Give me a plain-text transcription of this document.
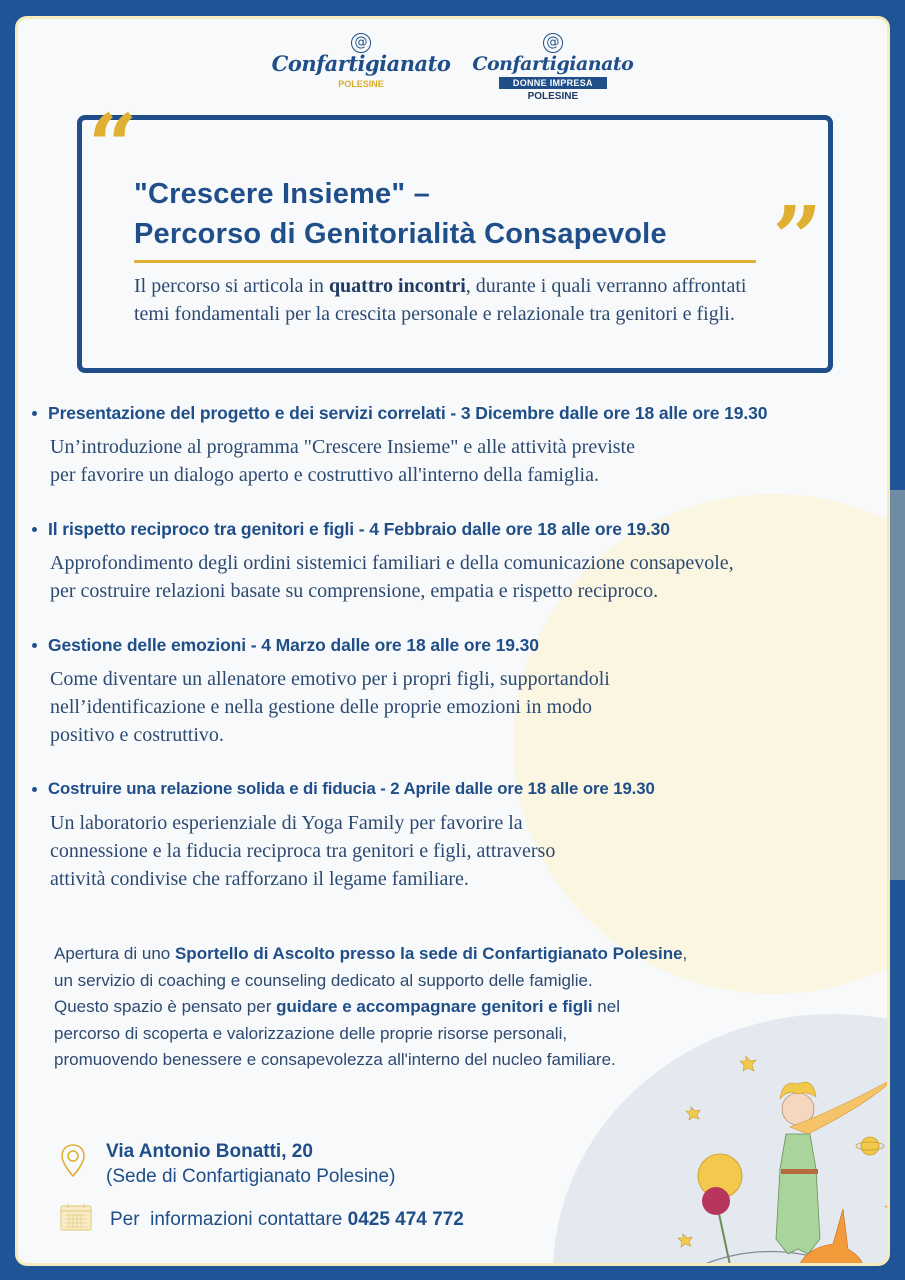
@
Confartigianato
POLESINE
@
Confartigianato
DONNE IMPRESA
POLESINE
“
”
"Crescere Insieme" –
Percorso di Genitorialità Consapevole
Il percorso si articola in quattro incontri, durante i quali verranno affrontati temi fondamentali per la crescita personale e relazionale tra genitori e figli.
Presentazione del progetto e dei servizi correlati - 3 Dicembre dalle ore 18 alle ore 19.30
Un’introduzione al programma "Crescere Insieme" e alle attività previste
per favorire un dialogo aperto e costruttivo all'interno della famiglia.
Il rispetto reciproco tra genitori e figli - 4 Febbraio dalle ore 18 alle ore 19.30
Approfondimento degli ordini sistemici familiari e della comunicazione consapevole,
per costruire relazioni basate su comprensione, empatia e rispetto reciproco.
Gestione delle emozioni - 4 Marzo dalle ore 18 alle ore 19.30
Come diventare un allenatore emotivo per i propri figli, supportandoli
nell’identificazione e nella gestione delle proprie emozioni in modo
positivo e costruttivo.
Costruire una relazione solida e di fiducia - 2 Aprile dalle ore 18 alle ore 19.30
Un laboratorio esperienziale di Yoga Family per favorire la
connessione e la fiducia reciproca tra genitori e figli, attraverso
attività condivise che rafforzano il legame familiare.
Apertura di uno Sportello di Ascolto presso la sede di Confartigianato Polesine,
un servizio di coaching e counseling dedicato al supporto delle famiglie.
Questo spazio è pensato per guidare e accompagnare genitori e figli nel
percorso di scoperta e valorizzazione delle proprie risorse personali,
promuovendo benessere e consapevolezza all'interno del nucleo familiare.
Via Antonio Bonatti, 20
(Sede di Confartigianato Polesine)
Per  informazioni contattare 0425 474 772
